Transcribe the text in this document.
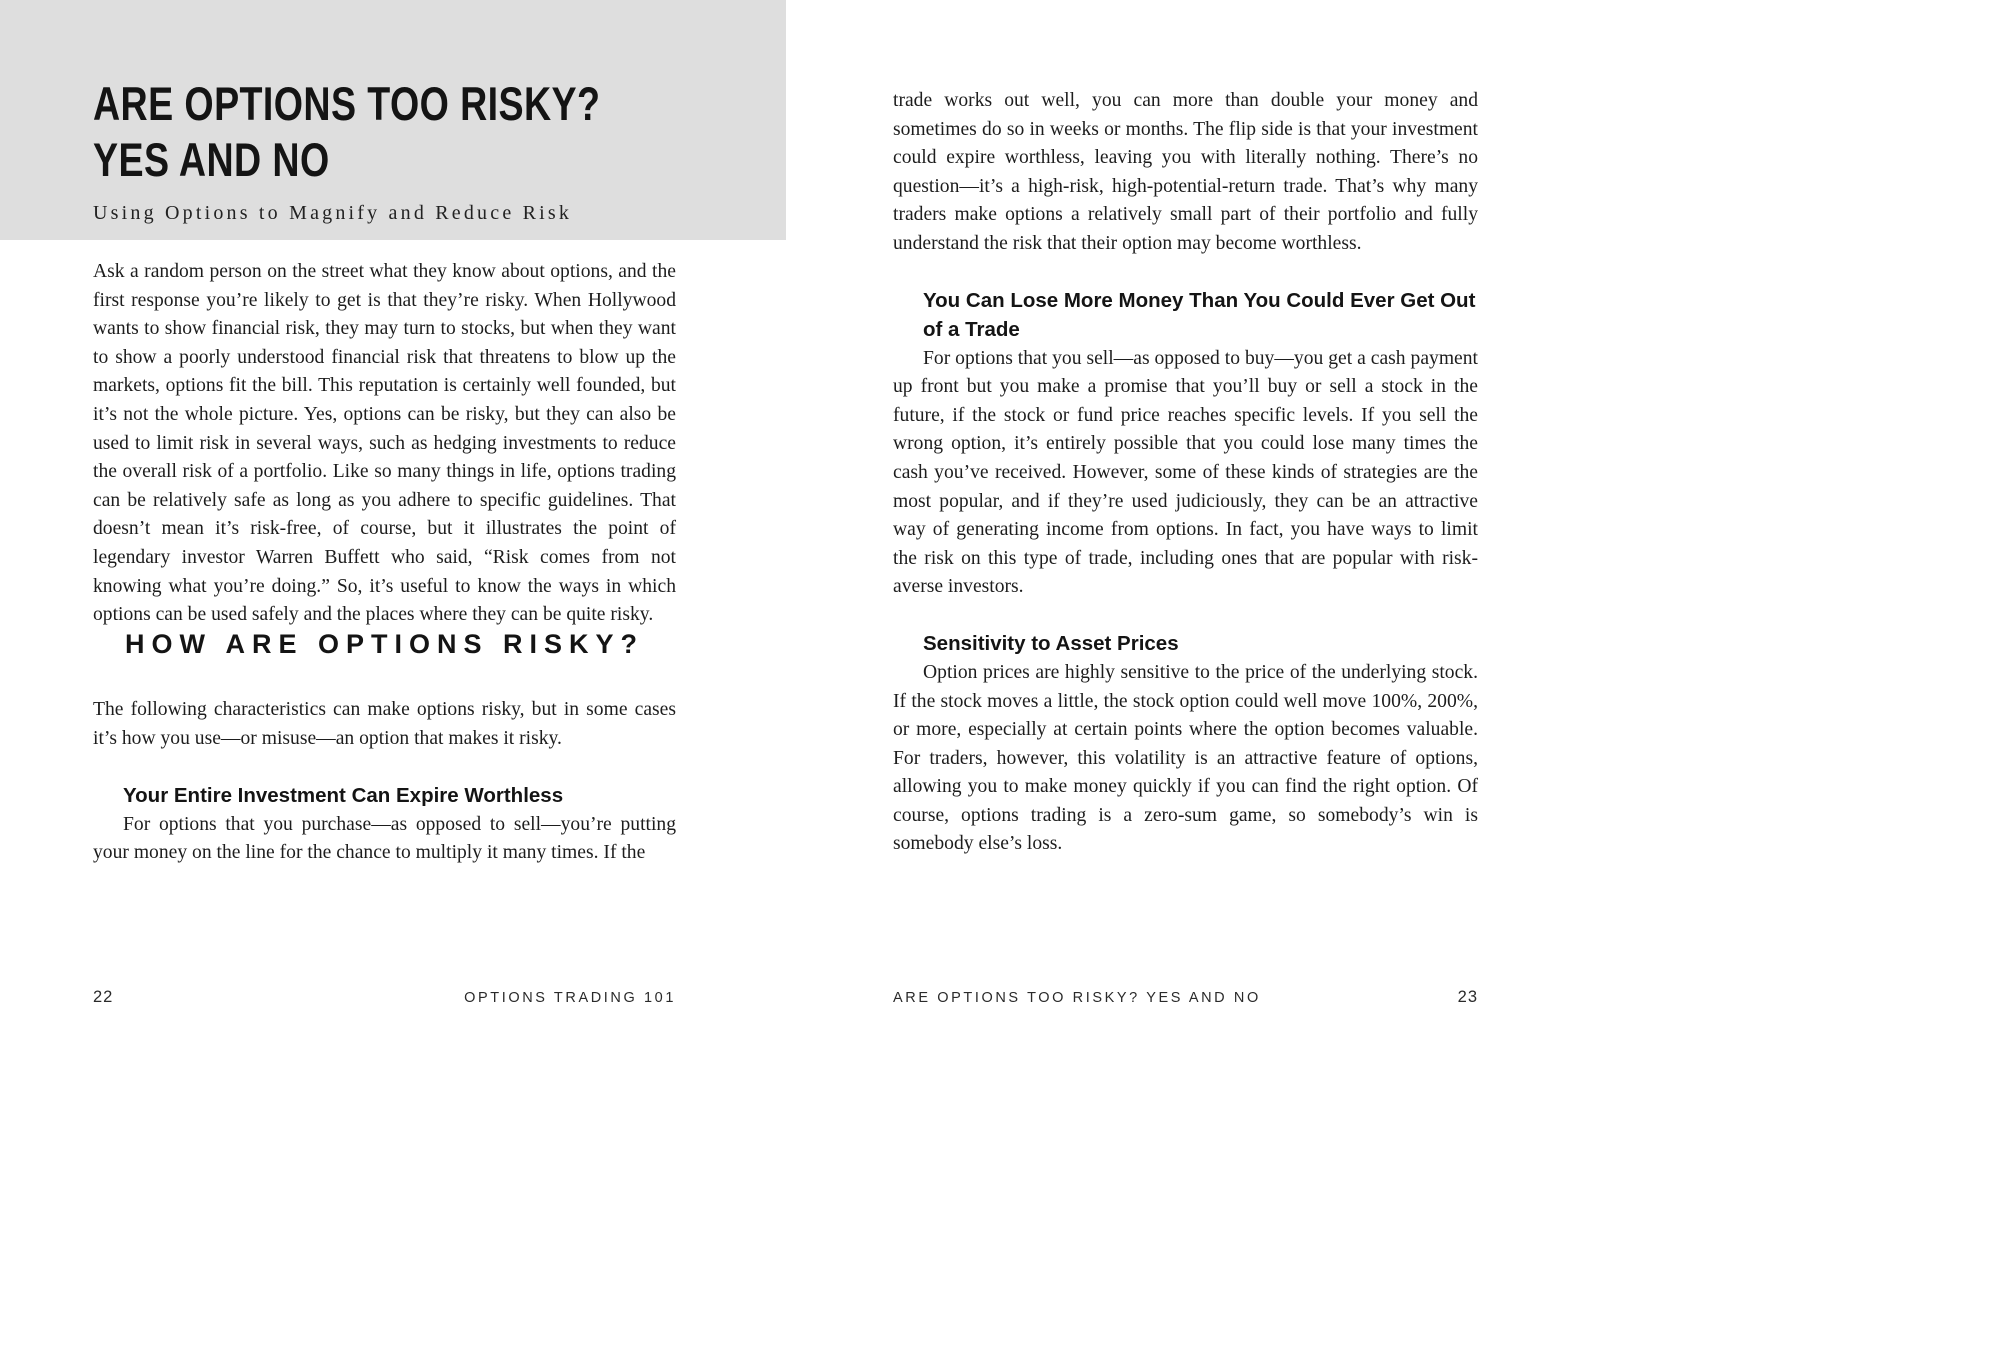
ARE OPTIONS TOO RISKY?
YES AND NO
Using Options to Magnify and Reduce Risk

Ask a random person on the street what they know about options, and the first response you’re likely to get is that they’re risky. When Hollywood wants to show financial risk, they may turn to stocks, but when they want to show a poorly understood financial risk that threatens to blow up the markets, options fit the bill. This reputation is certainly well founded, but it’s not the whole picture. Yes, options can be risky, but they can also be used to limit risk in several ways, such as hedging investments to reduce the overall risk of a portfolio. Like so many things in life, options trading can be relatively safe as long as you adhere to specific guidelines. That doesn’t mean it’s risk-free, of course, but it illustrates the point of legendary investor Warren Buffett who said, “Risk comes from not knowing what you’re doing.” So, it’s useful to know the ways in which options can be used safely and the places where they can be quite risky.

HOW ARE OPTIONS RISKY?

The following characteristics can make options risky, but in some cases it’s how you use—or misuse—an option that makes it risky.

Your Entire Investment Can Expire Worthless

For options that you purchase—as opposed to sell—you’re putting your money on the line for the chance to multiply it many times. If the

22	OPTIONS TRADING 101

trade works out well, you can more than double your money and sometimes do so in weeks or months. The flip side is that your investment could expire worthless, leaving you with literally nothing. There’s no question—it’s a high-risk, high-potential-return trade. That’s why many traders make options a relatively small part of their portfolio and fully understand the risk that their option may become worthless.

You Can Lose More Money Than You Could Ever Get Out of a Trade

For options that you sell—as opposed to buy—you get a cash payment up front but you make a promise that you’ll buy or sell a stock in the future, if the stock or fund price reaches specific levels. If you sell the wrong option, it’s entirely possible that you could lose many times the cash you’ve received. However, some of these kinds of strategies are the most popular, and if they’re used judiciously, they can be an attractive way of generating income from options. In fact, you have ways to limit the risk on this type of trade, including ones that are popular with risk-averse investors.

Sensitivity to Asset Prices

Option prices are highly sensitive to the price of the underlying stock. If the stock moves a little, the stock option could well move 100%, 200%, or more, especially at certain points where the option becomes valuable. For traders, however, this volatility is an attractive feature of options, allowing you to make money quickly if you can find the right option. Of course, options trading is a zero-sum game, so somebody’s win is somebody else’s loss.

ARE OPTIONS TOO RISKY? YES AND NO	23
